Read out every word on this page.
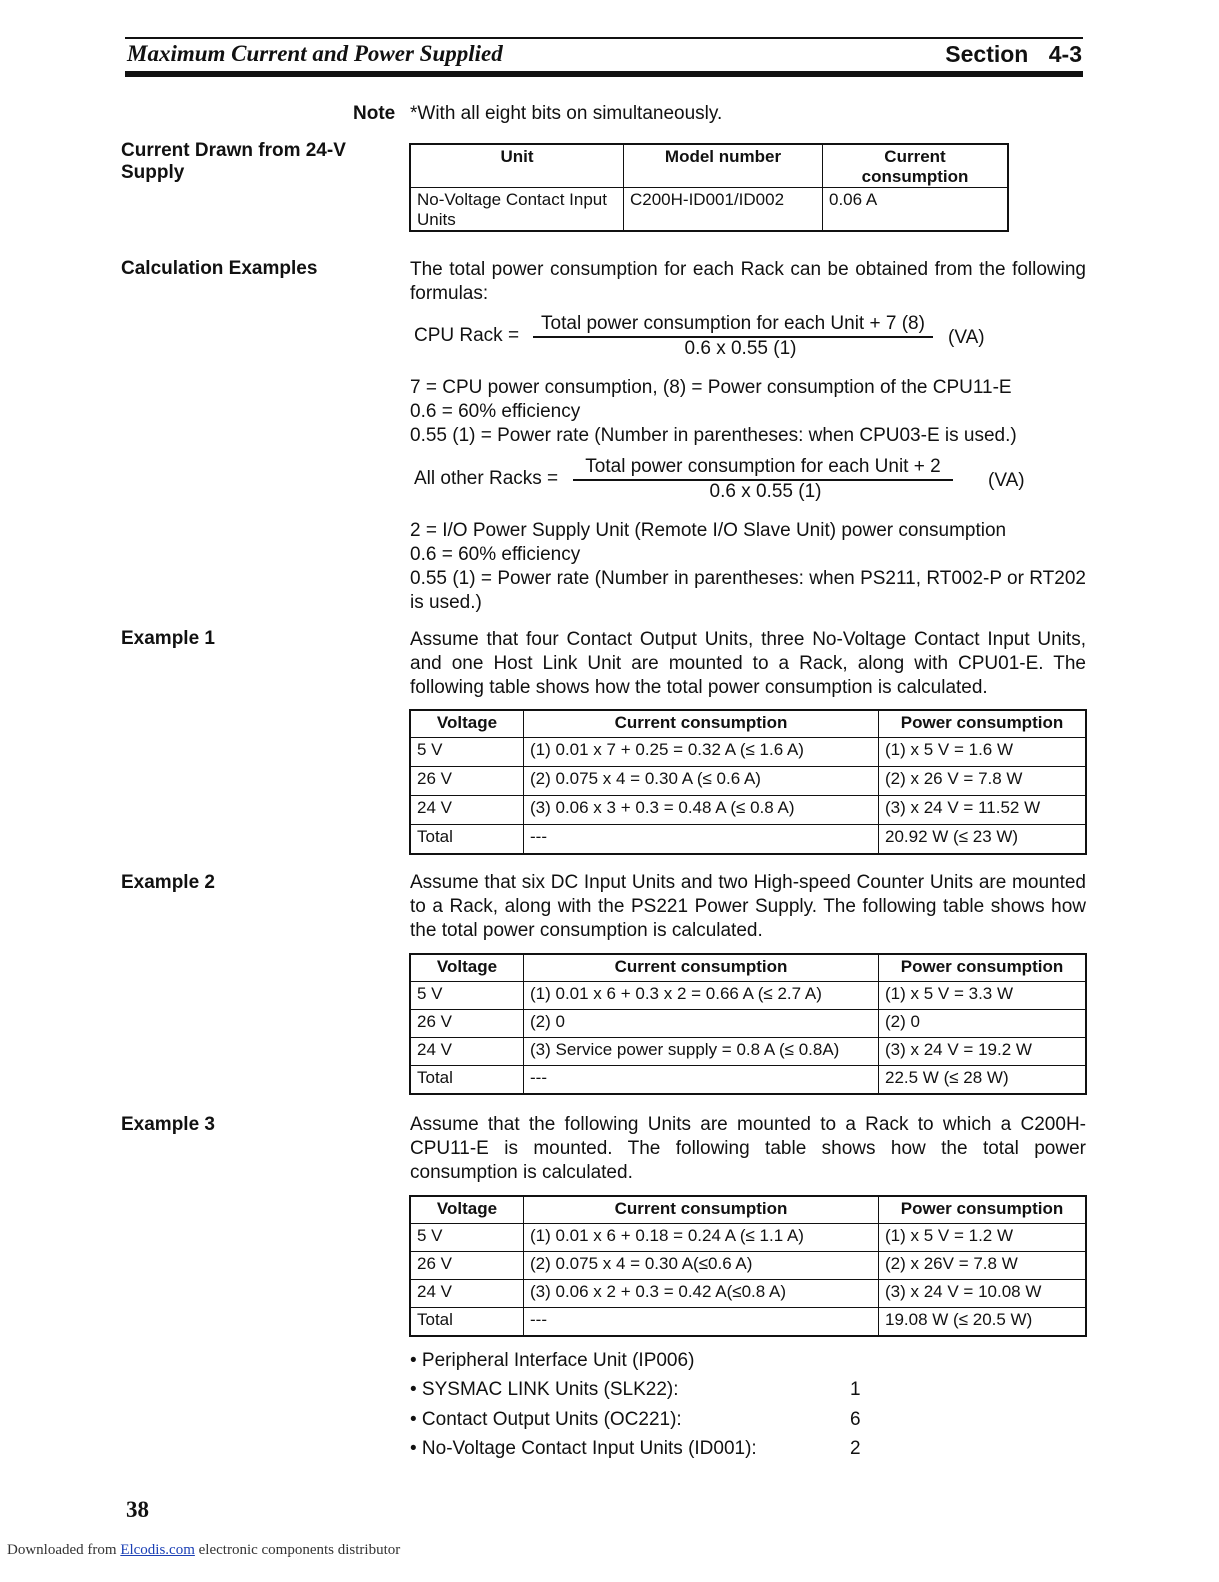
Maximum Current and Power Supplied	Section 4-3
Note *With all eight bits on simultaneously.
Current Drawn from 24-V Supply
Unit	Model number	Current consumption
No-Voltage Contact Input Units	C200H-ID001/ID002	0.06 A
Calculation Examples	The total power consumption for each Rack can be obtained from the following formulas:
CPU Rack =
Total power consumption for each Unit + 7 (8)
0.6 x 0.55 (1)
(VA)
7 = CPU power consumption, (8) = Power consumption of the CPU11-E
0.6 = 60% efficiency
0.55 (1) = Power rate (Number in parentheses: when CPU03-E is used.)
All other Racks =
Total power consumption for each Unit + 2
0.6 x 0.55 (1)
(VA)
2 = I/O Power Supply Unit (Remote I/O Slave Unit) power consumption
0.6 = 60% efficiency
0.55 (1) = Power rate (Number in parentheses: when PS211, RT002-P or RT202 is used.)
Example 1	Assume that four Contact Output Units, three No-Voltage Contact Input Units, and one Host Link Unit are mounted to a Rack, along with CPU01-E. The following table shows how the total power consumption is calculated.
Voltage	Current consumption	Power consumption
5 V	(1) 0.01 x 7 + 0.25 = 0.32 A (≤ 1.6 A)	(1) x 5 V = 1.6 W
26 V	(2) 0.075 x 4 = 0.30 A (≤ 0.6 A)	(2) x 26 V = 7.8 W
24 V	(3) 0.06 x 3 + 0.3 = 0.48 A (≤ 0.8 A)	(3) x 24 V = 11.52 W
Total	---	20.92 W (≤ 23 W)
Example 2	Assume that six DC Input Units and two High-speed Counter Units are mounted to a Rack, along with the PS221 Power Supply. The following table shows how the total power consumption is calculated.
Voltage	Current consumption	Power consumption
5 V	(1) 0.01 x 6 + 0.3 x 2 = 0.66 A (≤ 2.7 A)	(1) x 5 V = 3.3 W
26 V	(2) 0	(2) 0
24 V	(3) Service power supply = 0.8 A (≤ 0.8A)	(3) x 24 V = 19.2 W
Total	---	22.5 W (≤ 28 W)
Example 3	Assume that the following Units are mounted to a Rack to which a C200H-CPU11-E is mounted. The following table shows how the total power consumption is calculated.
Voltage	Current consumption	Power consumption
5 V	(1) 0.01 x 6 + 0.18 = 0.24 A (≤ 1.1 A)	(1) x 5 V = 1.2 W
26 V	(2) 0.075 x 4 = 0.30 A(≤0.6 A)	(2) x 26V = 7.8 W
24 V	(3) 0.06 x 2 + 0.3 = 0.42 A(≤0.8 A)	(3) x 24 V = 10.08 W
Total	---	19.08 W (≤ 20.5 W)
• Peripheral Interface Unit (IP006)
• SYSMAC LINK Units (SLK22):	1
• Contact Output Units (OC221):	6
• No-Voltage Contact Input Units (ID001):	2
38
Downloaded from Elcodis.com electronic components distributor
